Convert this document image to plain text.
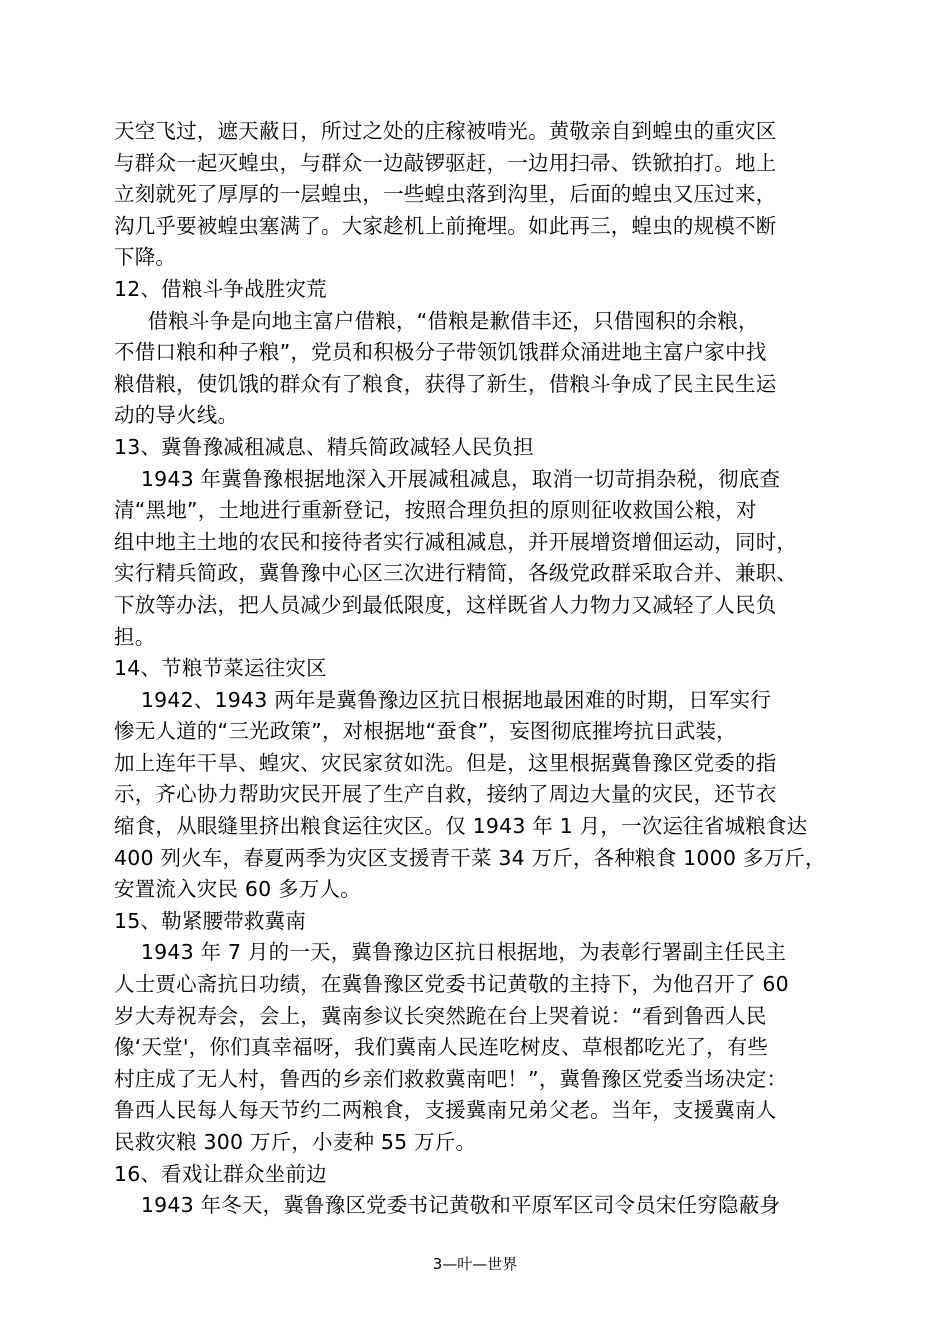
天空飞过，遮天蔽日，所过之处的庄稼被啃光。黄敬亲自到蝗虫的重灾区
与群众一起灭蝗虫，与群众一边敲锣驱赶，一边用扫帚、铁锨拍打。地上
立刻就死了厚厚的一层蝗虫，一些蝗虫落到沟里，后面的蝗虫又压过来，
沟几乎要被蝗虫塞满了。大家趁机上前掩埋。如此再三，蝗虫的规模不断
下降。
12、借粮斗争战胜灾荒
借粮斗争是向地主富户借粮，“借粮是歉借丰还，只借囤积的余粮，
不借口粮和种子粮”，党员和积极分子带领饥饿群众涌进地主富户家中找
粮借粮，使饥饿的群众有了粮食，获得了新生，借粮斗争成了民主民生运
动的导火线。
13、冀鲁豫减租减息、精兵简政减轻人民负担
1943 年冀鲁豫根据地深入开展减租减息，取消一切苛捐杂税，彻底查
清“黑地”，土地进行重新登记，按照合理负担的原则征收救国公粮，对
组中地主土地的农民和接待者实行减租减息，并开展增资增佃运动，同时，
实行精兵简政，冀鲁豫中心区三次进行精简，各级党政群采取合并、兼职、
下放等办法，把人员减少到最低限度，这样既省人力物力又减轻了人民负
担。
14、节粮节菜运往灾区
1942、1943 两年是冀鲁豫边区抗日根据地最困难的时期，日军实行
惨无人道的“三光政策”，对根据地“蚕食”，妄图彻底摧垮抗日武装，
加上连年干旱、蝗灾、灾民家贫如洗。但是，这里根据冀鲁豫区党委的指
示，齐心协力帮助灾民开展了生产自救，接纳了周边大量的灾民，还节衣
缩食，从眼缝里挤出粮食运往灾区。仅 1943 年 1 月，一次运往省城粮食达
400 列火车，春夏两季为灾区支援青干菜 34 万斤，各种粮食 1000 多万斤，
安置流入灾民 60 多万人。
15、勒紧腰带救冀南
1943 年 7 月的一天，冀鲁豫边区抗日根据地，为表彰行署副主任民主
人士贾心斋抗日功绩，在冀鲁豫区党委书记黄敬的主持下，为他召开了 60
岁大寿祝寿会，会上，冀南参议长突然跪在台上哭着说：“看到鲁西人民
像‘天堂'，你们真幸福呀，我们冀南人民连吃树皮、草根都吃光了，有些
村庄成了无人村，鲁西的乡亲们救救冀南吧！”，冀鲁豫区党委当场决定：
鲁西人民每人每天节约二两粮食，支援冀南兄弟父老。当年，支援冀南人
民救灾粮 300 万斤，小麦种 55 万斤。
16、看戏让群众坐前边
1943 年冬天，冀鲁豫区党委书记黄敬和平原军区司令员宋任穷隐蔽身
3—叶—世界
